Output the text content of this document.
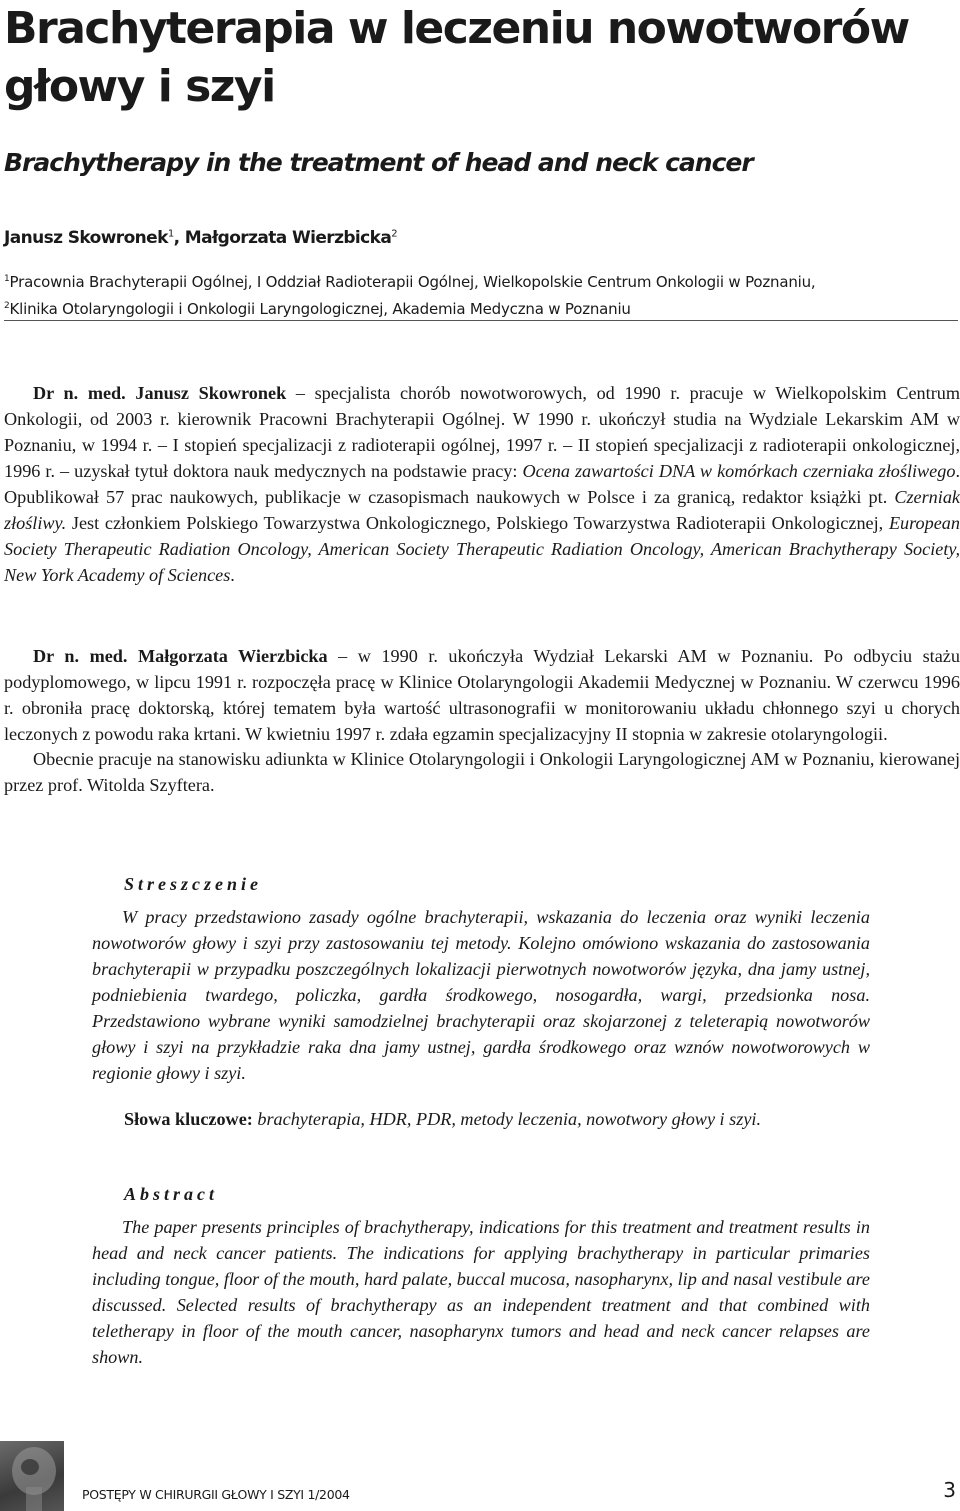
Brachyterapia w leczeniu nowotworów głowy i szyi
Brachytherapy in the treatment of head and neck cancer
Janusz Skowronek$^1$, Małgorzata Wierzbicka$^2$
$^1$Pracownia Brachyterapii Ogólnej, I Oddział Radioterapii Ogólnej, Wielkopolskie Centrum Onkologii w Poznaniu,
$^2$Klinika Otolaryngologii i Onkologii Laryngologicznej, Akademia Medyczna w Poznaniu

Dr n. med. Janusz Skowronek – specjalista chorób nowotworowych, od 1990 r. pracuje w Wielkopolskim Centrum Onkologii, od 2003 r. kierownik Pracowni Brachyterapii Ogólnej. W 1990 r. ukończył studia na Wydziale Lekarskim AM w Poznaniu, w 1994 r. – I stopień specjalizacji z radioterapii ogólnej, 1997 r. – II stopień specjalizacji z radioterapii onkologicznej, 1996 r. – uzyskał tytuł doktora nauk medycznych na podstawie pracy: Ocena zawartości DNA w komórkach czerniaka złośliwego. Opublikował 57 prac naukowych, publikacje w czasopismach naukowych w Polsce i za granicą, redaktor książki pt. Czerniak złośliwy. Jest członkiem Polskiego Towarzystwa Onkologicznego, Polskiego Towarzystwa Radioterapii Onkologicznej, European Society Therapeutic Radiation Oncology, American Society Therapeutic Radiation Oncology, American Brachytherapy Society, New York Academy of Sciences.

Dr n. med. Małgorzata Wierzbicka – w 1990 r. ukończyła Wydział Lekarski AM w Poznaniu. Po odbyciu stażu podyplomowego, w lipcu 1991 r. rozpoczęła pracę w Klinice Otolaryngologii Akademii Medycznej w Poznaniu. W czerwcu 1996 r. obroniła pracę doktorską, której tematem była wartość ultrasonografii w monitorowaniu układu chłonnego szyi u chorych leczonych z powodu raka krtani. W kwietniu 1997 r. zdała egzamin specjalizacyjny II stopnia w zakresie otolaryngologii.

Obecnie pracuje na stanowisku adiunkta w Klinice Otolaryngologii i Onkologii Laryngologicznej AM w Poznaniu, kierowanej przez prof. Witolda Szyftera.

Streszczenie

W pracy przedstawiono zasady ogólne brachyterapii, wskazania do leczenia oraz wyniki leczenia nowotworów głowy i szyi przy zastosowaniu tej metody. Kolejno omówiono wskazania do zastosowania brachyterapii w przypadku poszczególnych lokalizacji pierwotnych nowotworów języka, dna jamy ustnej, podniebienia twardego, policzka, gardła środkowego, nosogardła, wargi, przedsionka nosa. Przedstawiono wybrane wyniki samodzielnej brachyterapii oraz skojarzonej z teleterapią nowotworów głowy i szyi na przykładzie raka dna jamy ustnej, gardła środkowego oraz wznów nowotworowych w regionie głowy i szyi.

Słowa kluczowe: brachyterapia, HDR, PDR, metody leczenia, nowotwory głowy i szyi.

Abstract

The paper presents principles of brachytherapy, indications for this treatment and treatment results in head and neck cancer patients. The indications for applying brachytherapy in particular primaries including tongue, floor of the mouth, hard palate, buccal mucosa, nasopharynx, lip and nasal vestibule are discussed. Selected results of brachytherapy as an independent treatment and that combined with teletherapy in floor of the mouth cancer, nasopharynx tumors and head and neck cancer relapses are shown.

POSTĘPY W CHIRURGII GŁOWY I SZYI 1/2004	3
